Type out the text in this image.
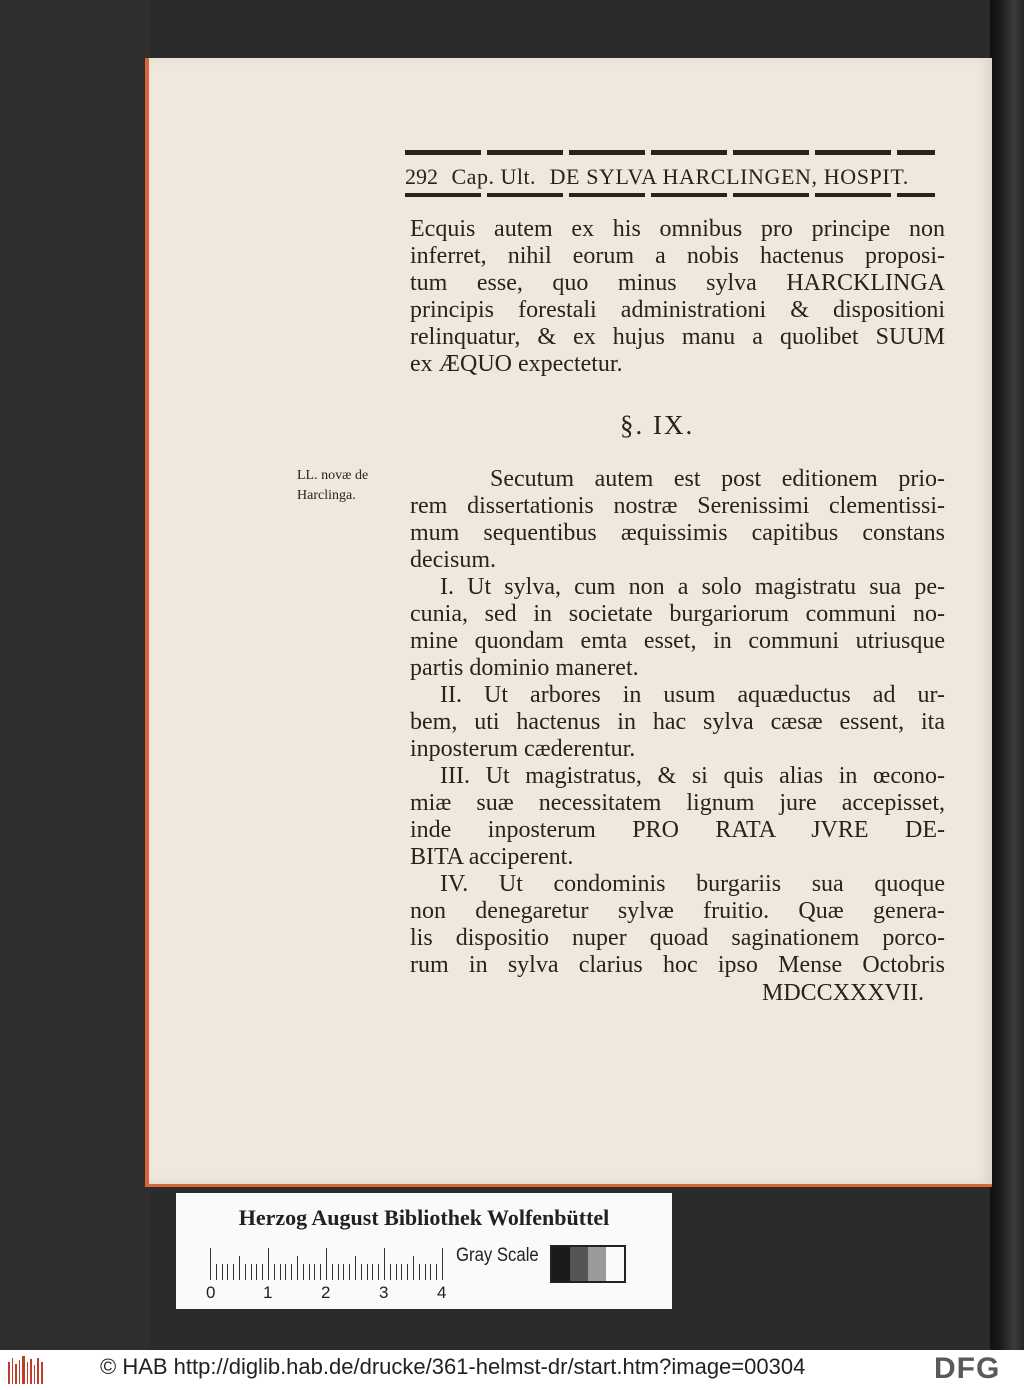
292 Cap. Ult. DE SYLVA HARCLINGEN, HOSPIT.
Ecquis autem ex his omnibus pro principe non
inferret, nihil eorum a nobis hactenus proposi-
tum esse, quo minus sylva HARCKLINGA
principis forestali administrationi & dispositioni
relinquatur, & ex hujus manu a quolibet SUUM
ex ÆQUO expectetur.
§. IX.
LL. novæ de
Harclinga.
Secutum autem est post editionem prio-
rem dissertationis nostræ Serenissimi clementissi-
mum sequentibus æquissimis capitibus constans
decisum.
I. Ut sylva, cum non a solo magistratu sua pe-
cunia, sed in societate burgariorum communi no-
mine quondam emta esset, in communi utriusque
partis dominio maneret.
II. Ut arbores in usum aquæductus ad ur-
bem, uti hactenus in hac sylva cæsæ essent, ita
inposterum cæderentur.
III. Ut magistratus, & si quis alias in œcono-
miæ suæ necessitatem lignum jure accepisset,
inde inposterum PRO RATA JVRE DE-
BITA acciperent.
IV. Ut condominis burgariis sua quoque
non denegaretur sylvæ fruitio. Quæ genera-
lis dispositio nuper quoad saginationem porco-
rum in sylva clarius hoc ipso Mense Octobris
MDCCXXXVII.
Herzog August Bibliothek Wolfenbüttel
0	1	2	3	4
Gray Scale
© HAB http://diglib.hab.de/drucke/361-helmst-dr/start.htm?image=00304	DFG
